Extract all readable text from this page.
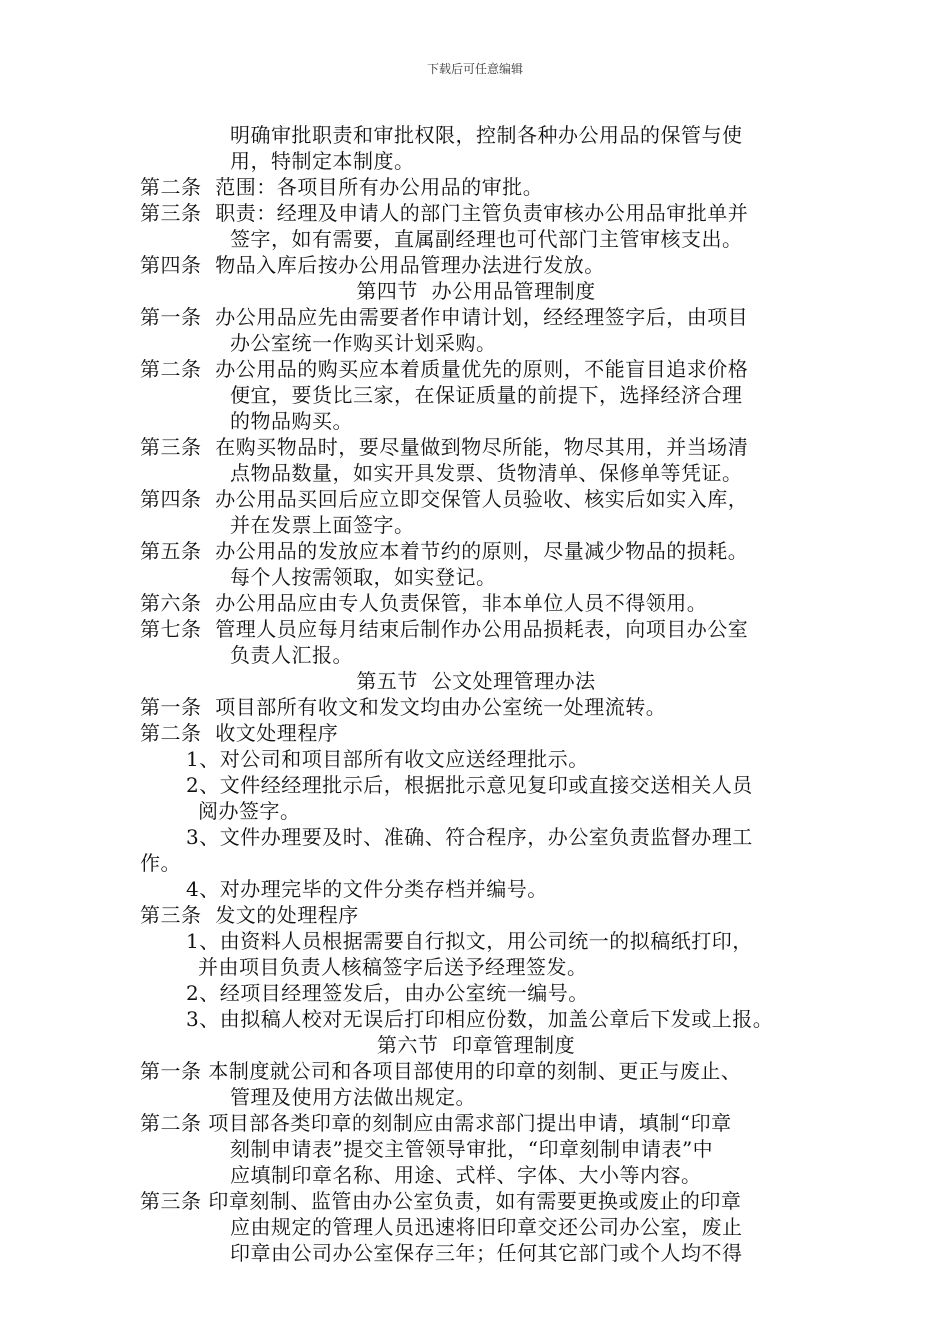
下载后可任意编辑
明确审批职责和审批权限，控制各种办公用品的保管与使
用，特制定本制度。
第二条  范围：各项目所有办公用品的审批。
第三条  职责：经理及申请人的部门主管负责审核办公用品审批单并
签字，如有需要，直属副经理也可代部门主管审核支出。
第四条  物品入库后按办公用品管理办法进行发放。
第四节  办公用品管理制度
第一条  办公用品应先由需要者作申请计划，经经理签字后，由项目
办公室统一作购买计划采购。
第二条  办公用品的购买应本着质量优先的原则，不能盲目追求价格
便宜，要货比三家，在保证质量的前提下，选择经济合理
的物品购买。
第三条  在购买物品时，要尽量做到物尽所能，物尽其用，并当场清
点物品数量，如实开具发票、货物清单、保修单等凭证。
第四条  办公用品买回后应立即交保管人员验收、核实后如实入库，
并在发票上面签字。
第五条  办公用品的发放应本着节约的原则，尽量减少物品的损耗。
每个人按需领取，如实登记。
第六条  办公用品应由专人负责保管，非本单位人员不得领用。
第七条  管理人员应每月结束后制作办公用品损耗表，向项目办公室
负责人汇报。
第五节  公文处理管理办法
第一条  项目部所有收文和发文均由办公室统一处理流转。
第二条  收文处理程序
1、对公司和项目部所有收文应送经理批示。
2、文件经经理批示后，根据批示意见复印或直接交送相关人员
阅办签字。
3、文件办理要及时、准确、符合程序，办公室负责监督办理工
作。
4、对办理完毕的文件分类存档并编号。
第三条  发文的处理程序
1、由资料人员根据需要自行拟文，用公司统一的拟稿纸打印，
并由项目负责人核稿签字后送予经理签发。
2、经项目经理签发后，由办公室统一编号。
3、由拟稿人校对无误后打印相应份数，加盖公章后下发或上报。
第六节  印章管理制度
第一条 本制度就公司和各项目部使用的印章的刻制、更正与废止、
管理及使用方法做出规定。
第二条 项目部各类印章的刻制应由需求部门提出申请，填制“印章
刻制申请表”提交主管领导审批，“印章刻制申请表”中
应填制印章名称、用途、式样、字体、大小等内容。
第三条 印章刻制、监管由办公室负责，如有需要更换或废止的印章
应由规定的管理人员迅速将旧印章交还公司办公室，废止
印章由公司办公室保存三年；任何其它部门或个人均不得
